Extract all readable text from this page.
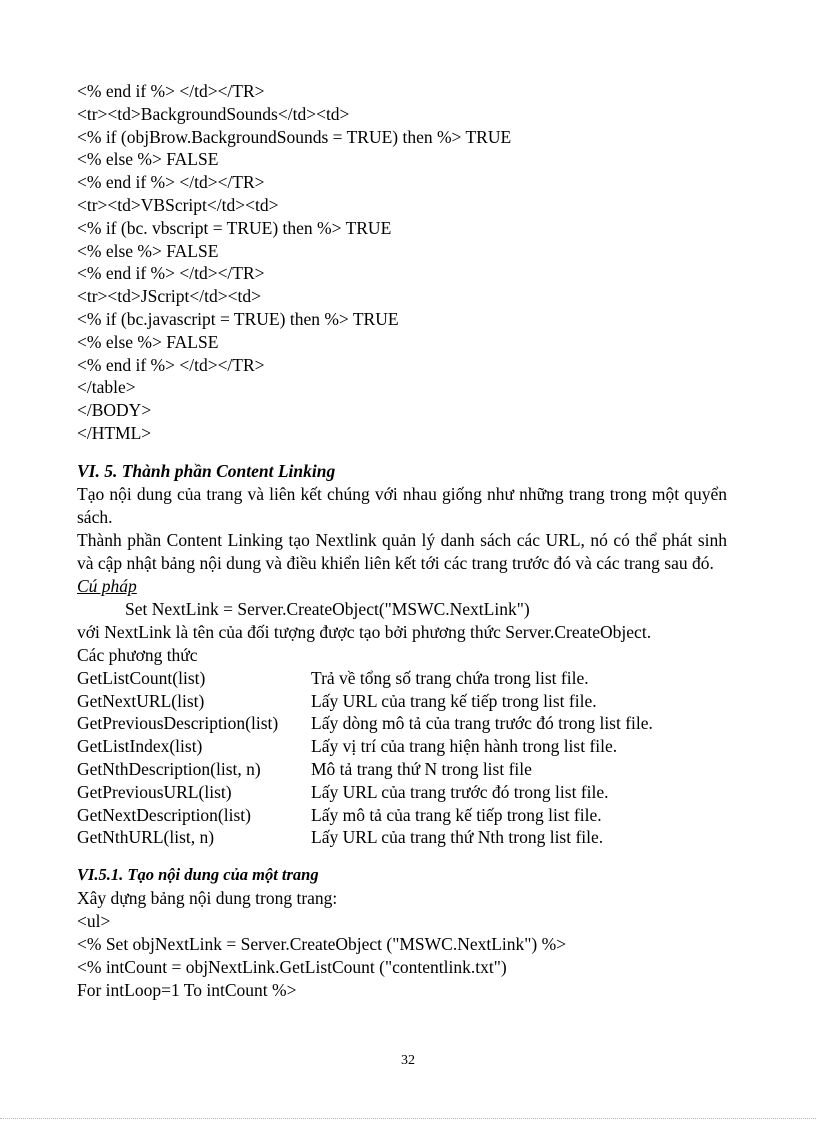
<% end if %> </td></TR>
<tr><td>BackgroundSounds</td><td>
<% if (objBrow.BackgroundSounds = TRUE) then %> TRUE
<% else %> FALSE
<% end if %> </td></TR>
<tr><td>VBScript</td><td>
<% if (bc. vbscript = TRUE) then %> TRUE
<% else %> FALSE
<% end if %> </td></TR>
<tr><td>JScript</td><td>
<% if (bc.javascript = TRUE) then %> TRUE
<% else %> FALSE
<% end if %> </td></TR>
</table>
</BODY>
</HTML>
VI. 5. Thành phần Content Linking
Tạo nội dung của trang và liên kết chúng với nhau giống như những trang trong một quyển sách.
Thành phần Content Linking tạo Nextlink quản lý danh sách các URL, nó có thể phát sinh và cập nhật bảng nội dung và điều khiển liên kết tới các trang trước đó và các trang sau đó.
Cú pháp
Set NextLink = Server.CreateObject("MSWC.NextLink")
với NextLink là tên của đối tượng được tạo bởi phương thức Server.CreateObject.
Các phương thức
GetListCount(list)	Trả về tổng số trang chứa trong list file.
GetNextURL(list)	Lấy URL của trang kế tiếp trong list file.
GetPreviousDescription(list)	Lấy dòng mô tả của trang trước đó trong list file.
GetListIndex(list)	Lấy vị trí của trang hiện hành trong list file.
GetNthDescription(list, n)	Mô tả trang thứ N trong list file
GetPreviousURL(list)	Lấy URL của trang trước đó trong list file.
GetNextDescription(list)	Lấy mô tả của trang kế tiếp trong list file.
GetNthURL(list, n)	Lấy URL của trang thứ Nth trong list file.
VI.5.1. Tạo nội dung của một trang
Xây dựng bảng nội dung trong trang:
<ul>
<% Set objNextLink = Server.CreateObject ("MSWC.NextLink") %>
<% intCount = objNextLink.GetListCount ("contentlink.txt")
For intLoop=1 To intCount %>
32
